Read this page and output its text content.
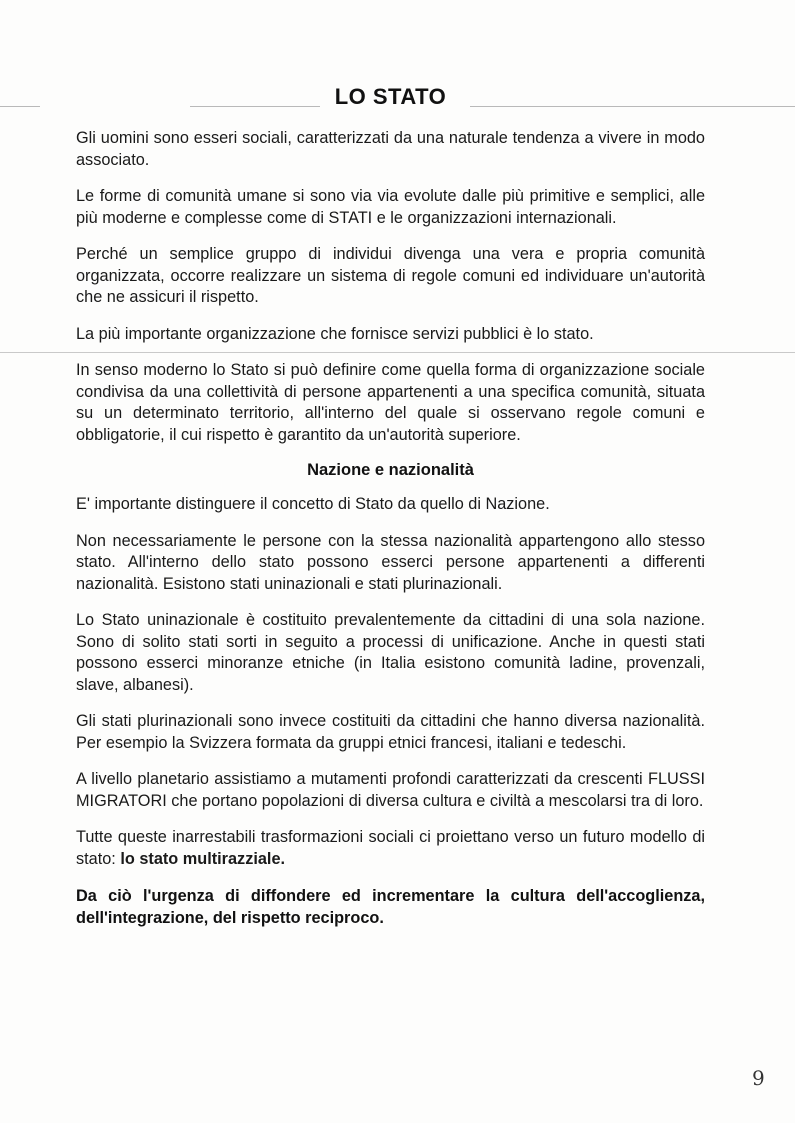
LO STATO

Gli uomini sono esseri sociali, caratterizzati da una naturale tendenza a vivere in modo associato.

Le forme di comunità umane si sono via via evolute dalle più primitive e semplici, alle più moderne e complesse come di STATI e le organizzazioni internazionali.

Perché un semplice gruppo di individui divenga una vera e propria comunità organizzata, occorre realizzare un sistema di regole comuni ed individuare un'autorità che ne assicuri il rispetto.

La più importante organizzazione che fornisce servizi pubblici è lo stato.

In senso moderno lo Stato si può definire come quella forma di organizzazione sociale condivisa da una collettività di persone appartenenti a una specifica comunità, situata su un determinato territorio, all'interno del quale si osservano regole comuni e obbligatorie, il cui rispetto è garantito da un'autorità superiore.

Nazione e nazionalità

E' importante distinguere il concetto di Stato da quello di Nazione.

Non necessariamente le persone con la stessa nazionalità appartengono allo stesso stato. All'interno dello stato possono esserci persone appartenenti a differenti nazionalità. Esistono stati uninazionali e stati plurinazionali.

Lo Stato uninazionale è costituito prevalentemente da cittadini di una sola nazione. Sono di solito stati sorti in seguito a processi di unificazione. Anche in questi stati possono esserci minoranze etniche (in Italia esistono comunità ladine, provenzali, slave, albanesi).

Gli stati plurinazionali sono invece costituiti da cittadini che hanno diversa nazionalità. Per esempio la Svizzera formata da gruppi etnici francesi, italiani e tedeschi.

A livello planetario assistiamo a mutamenti profondi caratterizzati da crescenti FLUSSI MIGRATORI che portano popolazioni di diversa cultura e civiltà a mescolarsi tra di loro.

Tutte queste inarrestabili trasformazioni sociali ci proiettano verso un futuro modello di stato: lo stato multirazziale.

Da ciò l'urgenza di diffondere ed incrementare la cultura dell'accoglienza, dell'integrazione, del rispetto reciproco.

9
